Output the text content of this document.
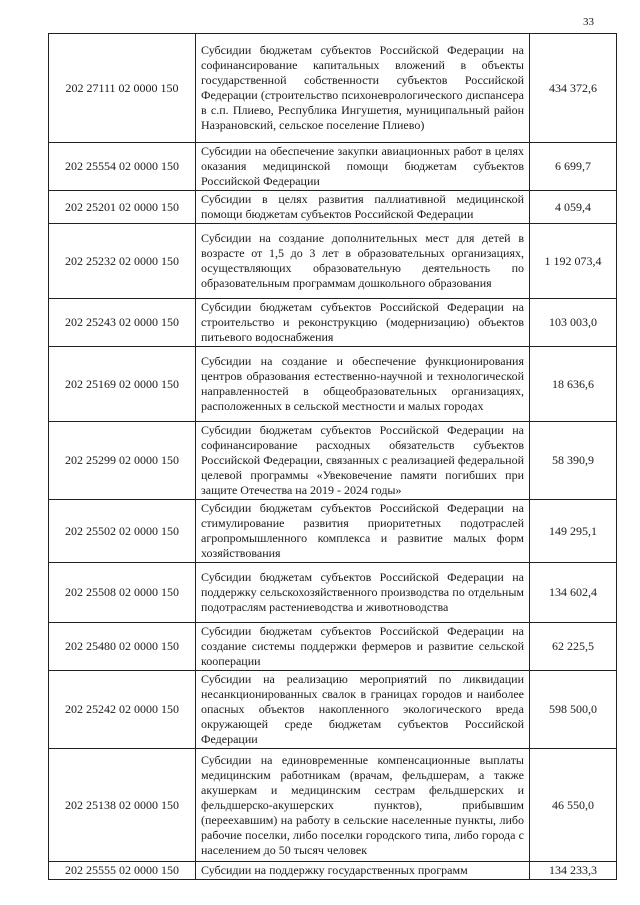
33
202 27111 02 0000 150	Субсидии бюджетам субъектов Российской Федерации на софинансирование капитальных вложений в объекты государственной собственности субъектов Российской Федерации (строительство психоневрологического диспансера в с.п. Плиево, Республика Ингушетия, муниципальный район Назрановский, сельское поселение Плиево)	434 372,6
202 25554 02 0000 150	Субсидии на обеспечение закупки авиационных работ в целях оказания медицинской помощи бюджетам субъектов Российской Федерации	6 699,7
202 25201 02 0000 150	Субсидии в целях развития паллиативной медицинской помощи бюджетам субъектов Российской Федерации	4 059,4
202 25232 02 0000 150	Субсидии на создание дополнительных мест для детей в возрасте от 1,5 до 3 лет в образовательных организациях, осуществляющих образовательную деятельность по образовательным программам дошкольного образования	1 192 073,4
202 25243 02 0000 150	Субсидии бюджетам субъектов Российской Федерации на строительство и реконструкцию (модернизацию) объектов питьевого водоснабжения	103 003,0
202 25169 02 0000 150	Субсидии на создание и обеспечение функционирования центров образования естественно-научной и технологической направленностей в общеобразовательных организациях, расположенных в сельской местности и малых городах	18 636,6
202 25299 02 0000 150	Субсидии бюджетам субъектов Российской Федерации на софинансирование расходных обязательств субъектов Российской Федерации, связанных с реализацией федеральной целевой программы «Увековечение памяти погибших при защите Отечества на 2019 - 2024 годы»	58 390,9
202 25502 02 0000 150	Субсидии бюджетам субъектов Российской Федерации на стимулирование развития приоритетных подотраслей агропромышленного комплекса и развитие малых форм хозяйствования	149 295,1
202 25508 02 0000 150	Субсидии бюджетам субъектов Российской Федерации на поддержку сельскохозяйственного производства по отдельным подотраслям растениеводства и животноводства	134 602,4
202 25480 02 0000 150	Субсидии бюджетам субъектов Российской Федерации на создание системы поддержки фермеров и развитие сельской кооперации	62 225,5
202 25242 02 0000 150	Субсидии на реализацию мероприятий по ликвидации несанкционированных свалок в границах городов и наиболее опасных объектов накопленного экологического вреда окружающей среде бюджетам субъектов Российской Федерации	598 500,0
202 25138 02 0000 150	Субсидии на единовременные компенсационные выплаты медицинским работникам (врачам, фельдшерам, а также акушеркам и медицинским сестрам фельдшерских и фельдшерско-акушерских пунктов), прибывшим (переехавшим) на работу в сельские населенные пункты, либо рабочие поселки, либо поселки городского типа, либо города с населением до 50 тысяч человек	46 550,0
202 25555 02 0000 150	Субсидии на поддержку государственных программ	134 233,3
